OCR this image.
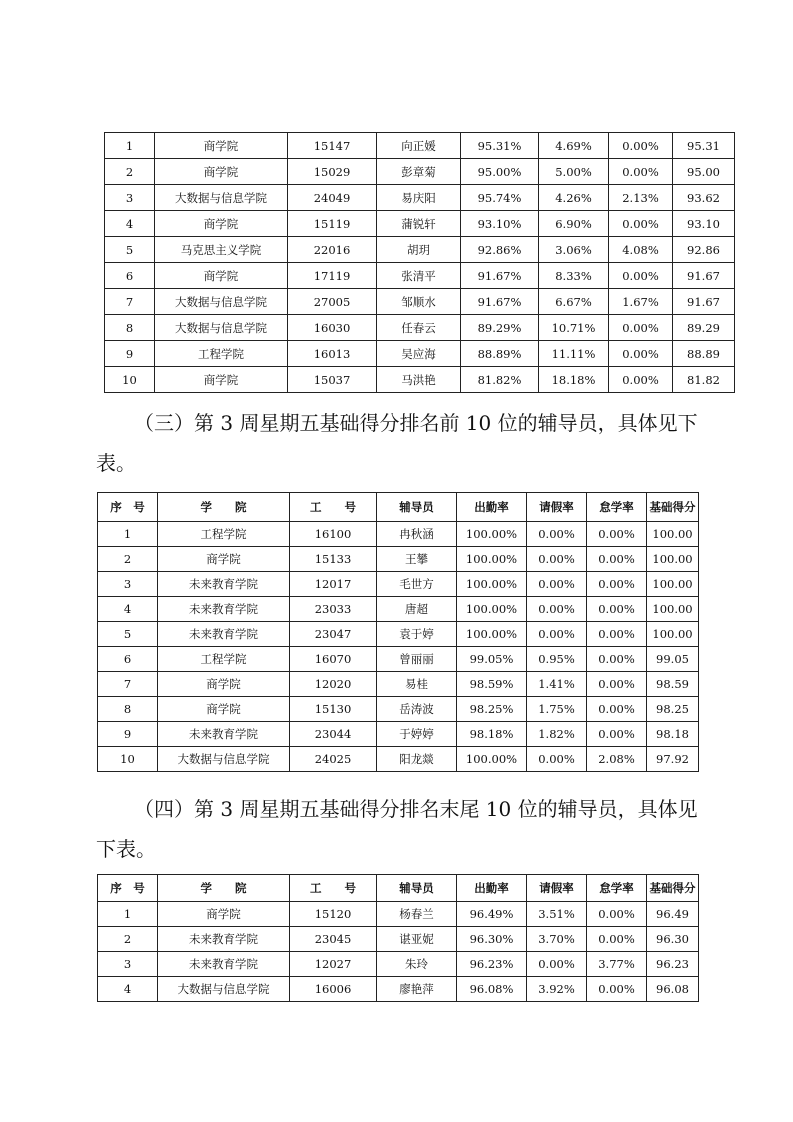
1	商学院	15147	向正媛	95.31%	4.69%	0.00%	95.31
2	商学院	15029	彭章菊	95.00%	5.00%	0.00%	95.00
3	大数据与信息学院	24049	易庆阳	95.74%	4.26%	2.13%	93.62
4	商学院	15119	蒲锐轩	93.10%	6.90%	0.00%	93.10
5	马克思主义学院	22016	胡玥	92.86%	3.06%	4.08%	92.86
6	商学院	17119	张清平	91.67%	8.33%	0.00%	91.67
7	大数据与信息学院	27005	邹顺水	91.67%	6.67%	1.67%	91.67
8	大数据与信息学院	16030	任春云	89.29%	10.71%	0.00%	89.29
9	工程学院	16013	吴应海	88.89%	11.11%	0.00%	88.89
10	商学院	15037	马洪艳	81.82%	18.18%	0.00%	81.82

（三）第 3 周星期五基础得分排名前 10 位的辅导员，具体见下表。

序　号	学　　院	工　　号	辅导员	出勤率	请假率	怠学率	基础得分
1	工程学院	16100	冉秋涵	100.00%	0.00%	0.00%	100.00
2	商学院	15133	王攀	100.00%	0.00%	0.00%	100.00
3	未来教育学院	12017	毛世方	100.00%	0.00%	0.00%	100.00
4	未来教育学院	23033	唐超	100.00%	0.00%	0.00%	100.00
5	未来教育学院	23047	袁于婷	100.00%	0.00%	0.00%	100.00
6	工程学院	16070	曾丽丽	99.05%	0.95%	0.00%	99.05
7	商学院	12020	易桂	98.59%	1.41%	0.00%	98.59
8	商学院	15130	岳涛波	98.25%	1.75%	0.00%	98.25
9	未来教育学院	23044	于婷婷	98.18%	1.82%	0.00%	98.18
10	大数据与信息学院	24025	阳龙燚	100.00%	0.00%	2.08%	97.92

（四）第 3 周星期五基础得分排名末尾 10 位的辅导员，具体见下表。

序　号	学　　院	工　　号	辅导员	出勤率	请假率	怠学率	基础得分
1	商学院	15120	杨春兰	96.49%	3.51%	0.00%	96.49
2	未来教育学院	23045	谌亚妮	96.30%	3.70%	0.00%	96.30
3	未来教育学院	12027	朱玲	96.23%	0.00%	3.77%	96.23
4	大数据与信息学院	16006	廖艳萍	96.08%	3.92%	0.00%	96.08
